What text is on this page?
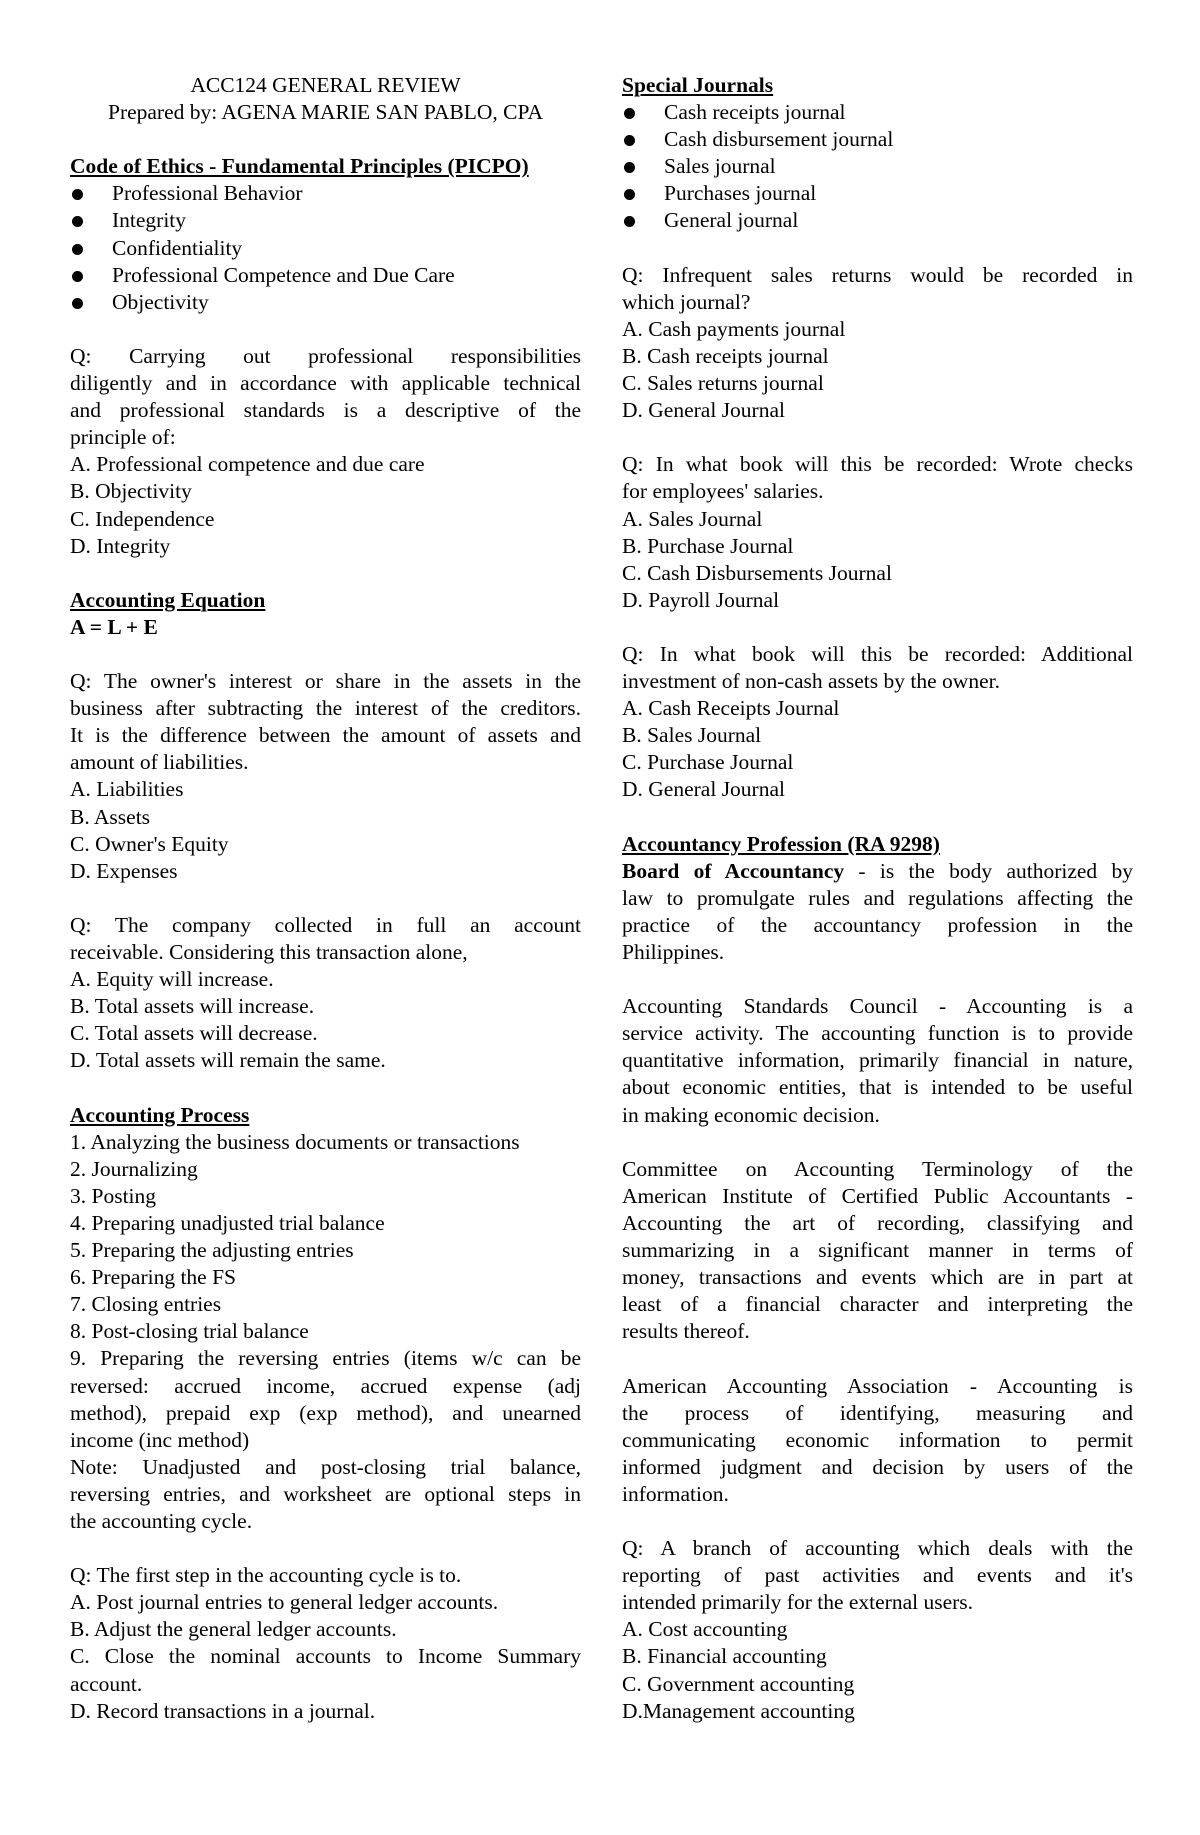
ACC124 GENERAL REVIEW

Prepared by: AGENA MARIE SAN PABLO, CPA

Code of Ethics - Fundamental Principles (PICPO)

Professional Behavior
Integrity
Confidentiality
Professional Competence and Due Care
Objectivity

Q: Carrying out professional responsibilities

diligently and in accordance with applicable technical

and professional standards is a descriptive of the

principle of:

A. Professional competence and due care

B. Objectivity

C. Independence

D. Integrity

Accounting Equation

A = L + E

Q: The owner's interest or share in the assets in the

business after subtracting the interest of the creditors.

It is the difference between the amount of assets and

amount of liabilities.

A. Liabilities

B. Assets

C. Owner's Equity

D. Expenses

Q: The company collected in full an account

receivable. Considering this transaction alone,

A. Equity will increase.

B. Total assets will increase.

C. Total assets will decrease.

D. Total assets will remain the same.

Accounting Process

1. Analyzing the business documents or transactions

2. Journalizing

3. Posting

4. Preparing unadjusted trial balance

5. Preparing the adjusting entries

6. Preparing the FS

7. Closing entries

8. Post-closing trial balance

9. Preparing the reversing entries (items w/c can be

reversed: accrued income, accrued expense (adj

method), prepaid exp (exp method), and unearned

income (inc method)

Note: Unadjusted and post-closing trial balance,

reversing entries, and worksheet are optional steps in

the accounting cycle.

Q: The first step in the accounting cycle is to.

A. Post journal entries to general ledger accounts.

B. Adjust the general ledger accounts.

C. Close the nominal accounts to Income Summary

account.

D. Record transactions in a journal.

Special Journals

Cash receipts journal
Cash disbursement journal
Sales journal
Purchases journal
General journal

Q: Infrequent sales returns would be recorded in

which journal?

A. Cash payments journal

B. Cash receipts journal

C. Sales returns journal

D. General Journal

Q: In what book will this be recorded: Wrote checks

for employees' salaries.

A. Sales Journal

B. Purchase Journal

C. Cash Disbursements Journal

D. Payroll Journal

Q: In what book will this be recorded: Additional

investment of non-cash assets by the owner.

A. Cash Receipts Journal

B. Sales Journal

C. Purchase Journal

D. General Journal

Accountancy Profession (RA 9298)

Board of Accountancy - is the body authorized by

law to promulgate rules and regulations affecting the

practice of the accountancy profession in the

Philippines.

Accounting Standards Council - Accounting is a

service activity. The accounting function is to provide

quantitative information, primarily financial in nature,

about economic entities, that is intended to be useful

in making economic decision.

Committee on Accounting Terminology of the

American Institute of Certified Public Accountants -

Accounting the art of recording, classifying and

summarizing in a significant manner in terms of

money, transactions and events which are in part at

least of a financial character and interpreting the

results thereof.

American Accounting Association - Accounting is

the process of identifying, measuring and

communicating economic information to permit

informed judgment and decision by users of the

information.

Q: A branch of accounting which deals with the

reporting of past activities and events and it's

intended primarily for the external users.

A. Cost accounting

B. Financial accounting

C. Government accounting

D.Management accounting
